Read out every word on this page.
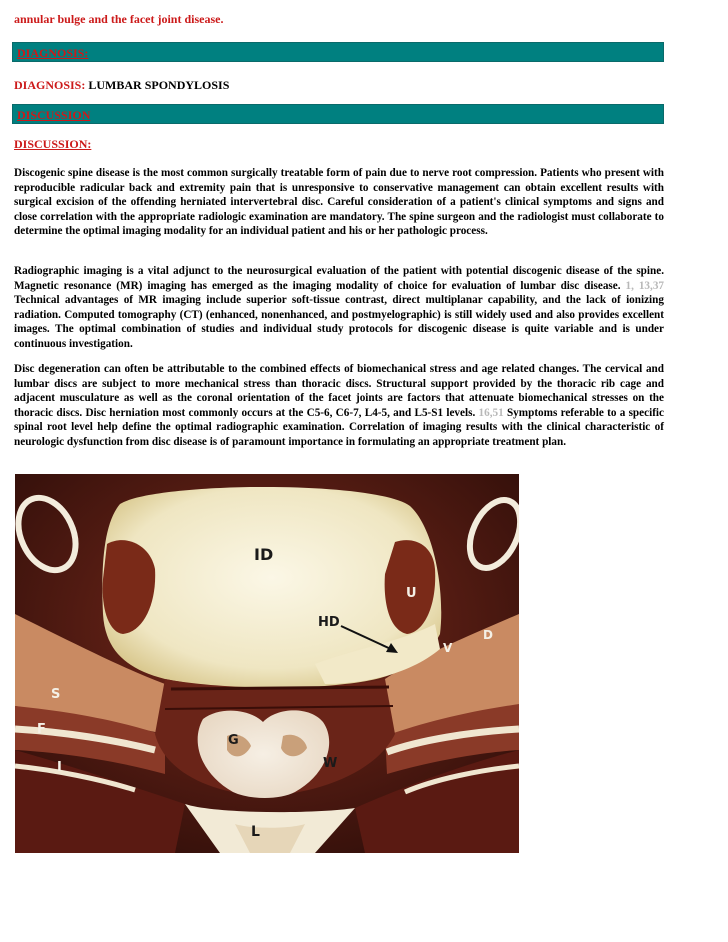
annular bulge and the facet joint disease.
DIAGNOSIS:
DIAGNOSIS: LUMBAR SPONDYLOSIS
DISCUSSION
DISCUSSION:
Discogenic spine disease is the most common surgically treatable form of pain due to nerve root compression. Patients who present with reproducible radicular back and extremity pain that is unresponsive to conservative management can obtain excellent results with surgical excision of the offending herniated intervertebral disc. Careful consideration of a patient's clinical symptoms and signs and close correlation with the appropriate radiologic examination are mandatory. The spine surgeon and the radiologist must collaborate to determine the optimal imaging modality for an individual patient and his or her pathologic process.
Radiographic imaging is a vital adjunct to the neurosurgical evaluation of the patient with potential discogenic disease of the spine. Magnetic resonance (MR) imaging has emerged as the imaging modality of choice for evaluation of lumbar disc disease. 1, 13,37 Technical advantages of MR imaging include superior soft-tissue contrast, direct multiplanar capability, and the lack of ionizing radiation. Computed tomography (CT) (enhanced, nonenhanced, and postmyelographic) is still widely used and also provides excellent images. The optimal combination of studies and individual study protocols for discogenic disease is quite variable and is under continuous investigation.
Disc degeneration can often be attributable to the combined effects of biomechanical stress and age related changes. The cervical and lumbar discs are subject to more mechanical stress than thoracic discs. Structural support provided by the thoracic rib cage and adjacent musculature as well as the coronal orientation of the facet joints are factors that attenuate biomechanical stresses on the thoracic discs. Disc herniation most commonly occurs at the C5-6, C6-7, L4-5, and L5-S1 levels. 16,51 Symptoms referable to a specific spinal root level help define the optimal radiographic examination. Correlation of imaging results with the clinical characteristic of neurologic dysfunction from disc disease is of paramount importance in formulating an appropriate treatment plan.
ID
U
HD
V
D
S
F
G
I	W
L
